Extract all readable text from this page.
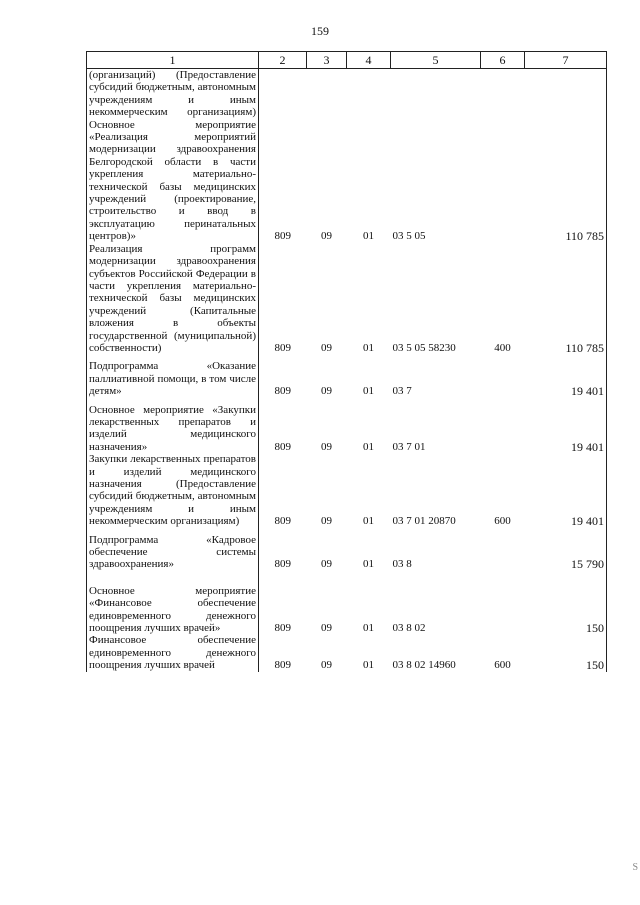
159
1	2	3	4	5	6	7
(организаций) (Предоставление субсидий бюджетным, автономным учреждениям и иным некоммерческим организациям) Основное мероприятие «Реализация мероприятий модернизации здравоохранения Белгородской области в части укрепления материально-технической базы медицинских учреждений (проектирование, строительство и ввод в эксплуатацию перинатальных центров)»	809	09	01	03 5 05		110 785
Реализация программ модернизации здравоохранения субъектов Российской Федерации в части укрепления материально-технической базы медицинских учреждений (Капитальные вложения в объекты государственной (муниципальной) собственности)	809	09	01	03 5 05 58230	400	110 785

Подпрограмма «Оказание паллиативной помощи, в том числе детям»	809	09	01	03 7		19 401

Основное мероприятие «Закупки лекарственных препаратов и изделий медицинского назначения»	809	09	01	03 7 01		19 401
Закупки лекарственных препаратов и изделий медицинского назначения (Предоставление субсидий бюджетным, автономным учреждениям и иным некоммерческим организациям)	809	09	01	03 7 01 20870	600	19 401

Подпрограмма «Кадровое обеспечение системы здравоохранения»	809	09	01	03 8		15 790

Основное мероприятие «Финансовое обеспечение единовременного денежного поощрения лучших врачей»	809	09	01	03 8 02		150
Финансовое обеспечение единовременного денежного поощрения лучших врачей	809	09	01	03 8 02 14960	600	150
S
